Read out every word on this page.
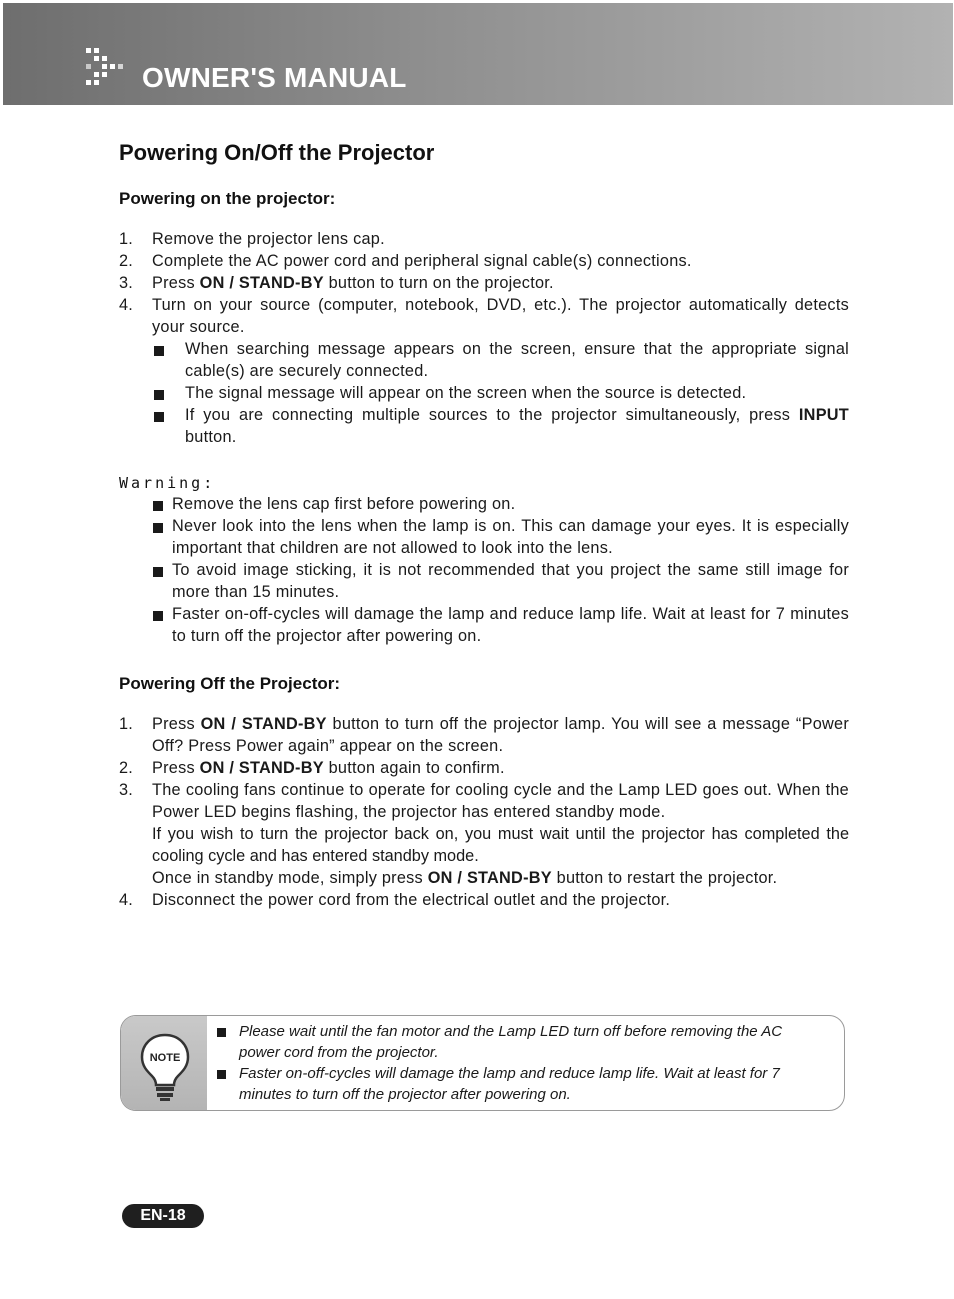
OWNER'S MANUAL
Powering On/Off the Projector
Powering on the projector:
1. Remove the projector lens cap.
2. Complete the AC power cord and peripheral signal cable(s) connections.
3. Press ON / STAND-BY button to turn on the projector.
4. Turn on your source (computer, notebook, DVD, etc.). The projector automatically detects your source.
When searching message appears on the screen, ensure that the appropriate signal cable(s) are securely connected.
The signal message will appear on the screen when the source is detected.
If you are connecting multiple sources to the projector simultaneously, press INPUT button.
Warning:
Remove the lens cap first before powering on.
Never look into the lens when the lamp is on. This can damage your eyes. It is especially important that children are not allowed to look into the lens.
To avoid image sticking, it is not recommended that you project the same still image for more than 15 minutes.
Faster on-off-cycles will damage the lamp and reduce lamp life. Wait at least for 7 minutes to turn off the projector after powering on.
Powering Off the Projector:
1. Press ON / STAND-BY button to turn off the projector lamp. You will see a message “Power Off? Press Power again” appear on the screen.
2. Press ON / STAND-BY button again to confirm.
3. The cooling fans continue to operate for cooling cycle and the Lamp LED goes out. When the Power LED begins flashing, the projector has entered standby mode.
If you wish to turn the projector back on, you must wait until the projector has completed the cooling cycle and has entered standby mode.
Once in standby mode, simply press ON / STAND-BY button to restart the projector.
4. Disconnect the power cord from the electrical outlet and the projector.
NOTE
Please wait until the fan motor and the Lamp LED turn off before removing the AC power cord from the projector.
Faster on-off-cycles will damage the lamp and reduce lamp life. Wait at least for 7 minutes to turn off the projector after powering on.
EN-18
